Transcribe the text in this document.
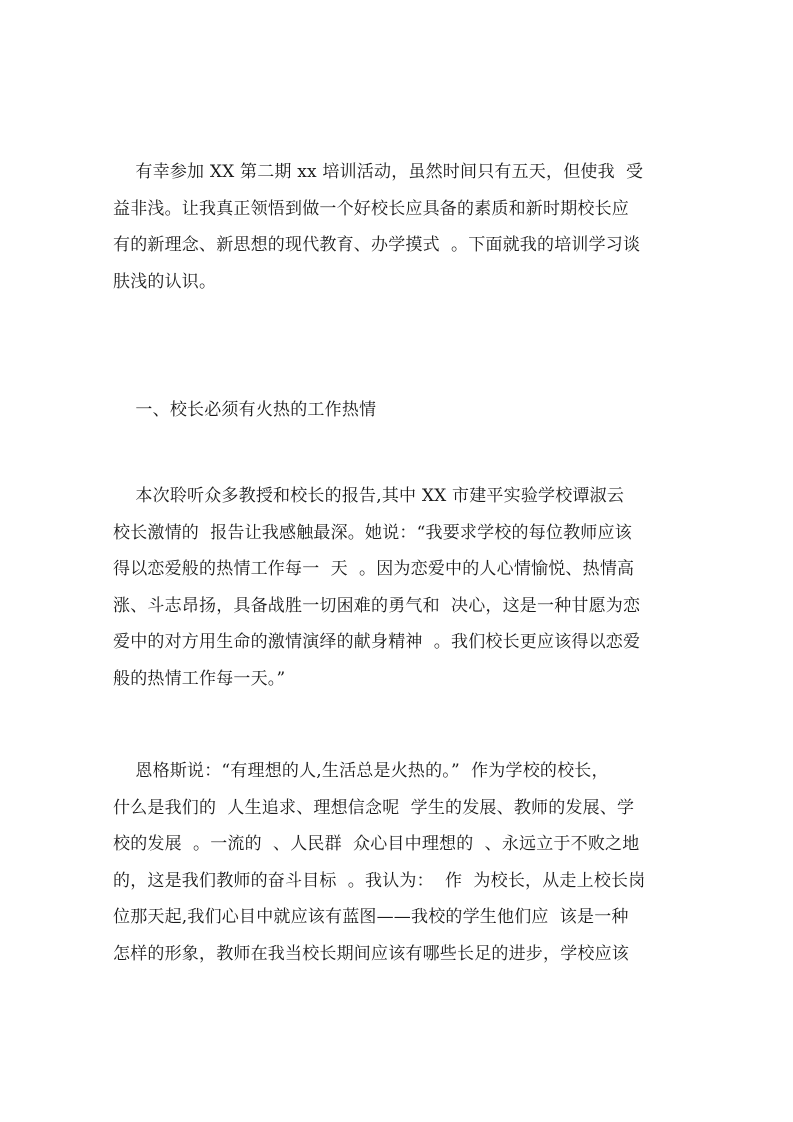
有幸参加 XX 第二期 xx 培训活动，虽然时间只有五天，但使我  受
益非浅。让我真正领悟到做一个好校长应具备的素质和新时期校长应
有的新理念、新思想的现代教育、办学摸式  。下面就我的培训学习谈
肤浅的认识。
一、校长必须有火热的工作热情
本次聆听众多教授和校长的报告,其中 XX 市建平实验学校谭淑云
校长激情的  报告让我感触最深。她说：“我要求学校的每位教师应该
得以恋爱般的热情工作每一  天  。因为恋爱中的人心情愉悦、热情高
涨、斗志昂扬，具备战胜一切困难的勇气和  决心，这是一种甘愿为恋
爱中的对方用生命的激情演绎的献身精神  。我们校长更应该得以恋爱
般的热情工作每一天。”
恩格斯说：“有理想的人,生活总是火热的。”  作为学校的校长，
什么是我们的  人生追求、理想信念呢  学生的发展、教师的发展、学
校的发展  。一流的  、人民群  众心目中理想的  、永远立于不败之地
的，这是我们教师的奋斗目标  。我认为：  作  为校长，从走上校长岗
位那天起,我们心目中就应该有蓝图——我校的学生他们应  该是一种
怎样的形象，教师在我当校长期间应该有哪些长足的进步，学校应该
